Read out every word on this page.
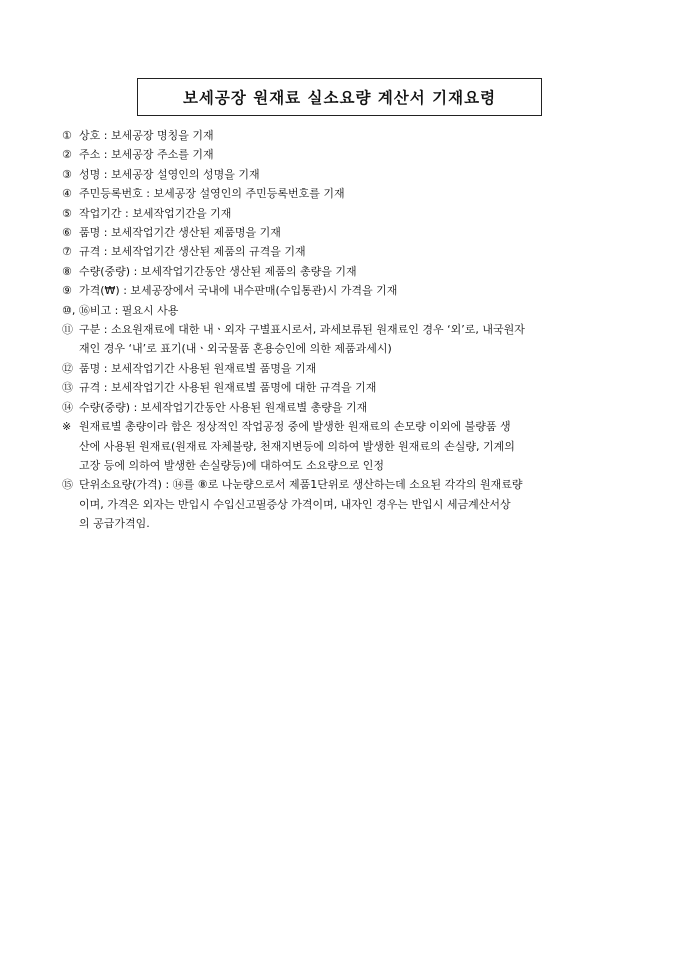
보세공장 원재료 실소요량 계산서 기재요령
① 상호 : 보세공장 명칭을 기재
② 주소 : 보세공장 주소를 기재
③ 성명 : 보세공장 설영인의 성명을 기재
④ 주민등록번호 : 보세공장 설영인의 주민등록번호를 기재
⑤ 작업기간 : 보세작업기간을 기재
⑥ 품명 : 보세작업기간 생산된 제품명을 기재
⑦ 규격 : 보세작업기간 생산된 제품의 규격을 기재
⑧ 수량(중량) : 보세작업기간동안 생산된 제품의 총량을 기재
⑨ 가격(₩) : 보세공장에서 국내에 내수판매(수입통관)시 가격을 기재
⑩, ⑯ 비고 : 필요시 사용
⑪ 구분 : 소요원재료에 대한 내ㆍ외자 구별표시로서, 과세보류된 원재료인 경우 ‘외’로, 내국원자
재인 경우 ‘내’로 표기(내ㆍ외국물품 혼용승인에 의한 제품과세시)
⑫ 품명 : 보세작업기간 사용된 원재료별 품명을 기재
⑬ 규격 : 보세작업기간 사용된 원재료별 품명에 대한 규격을 기재
⑭ 수량(중량) : 보세작업기간동안 사용된 원재료별 총량을 기재
※ 원재료별 총량이라 함은 정상적인 작업공정 중에 발생한 원재료의 손모량 이외에 불량품 생
산에 사용된 원재료(원재료 자체불량, 천재지변등에 의하여 발생한 원재료의 손실량, 기계의
고장 등에 의하여 발생한 손실량등)에 대하여도 소요량으로 인정
⑮ 단위소요량(가격) : ⑭를 ⑧로 나눈량으로서 제품1단위로 생산하는데 소요된 각각의 원재료량
이며, 가격은 외자는 반입시 수입신고필증상 가격이며, 내자인 경우는 반입시 세금계산서상
의 공급가격임.
